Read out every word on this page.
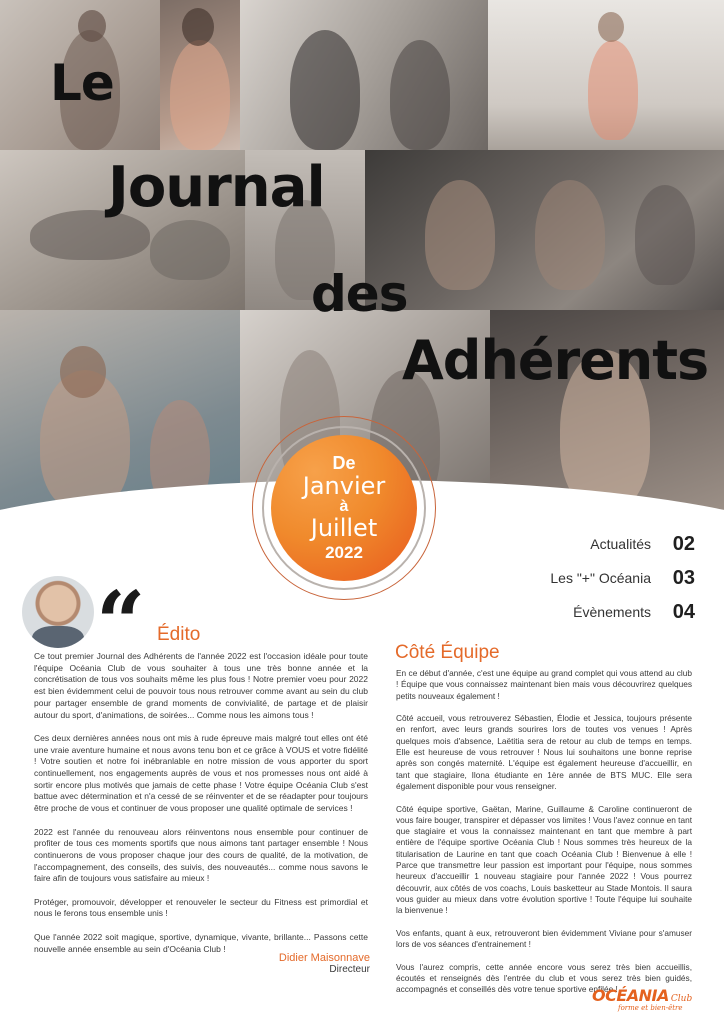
Le
Journal
des
Adhérents
De
Janvier
à
Juillet
2022	Actualités 02
Les "+" Océania 03
Évènements 04
“ Édito

Ce tout premier Journal des Adhérents de l'année 2022 est l'occasion idéale pour toute l'équipe Océania Club de vous souhaiter à tous une très bonne année et la concrétisation de tous vos souhaits même les plus fous ! Notre premier voeu pour 2022 est bien évidemment celui de pouvoir tous nous retrouver comme avant au sein du club pour partager ensemble de grand moments de convivialité, de partage et de plaisir autour du sport, d'animations, de soirées... Comme nous les aimons tous !

Ces deux dernières années nous ont mis à rude épreuve mais malgré tout elles ont été une vraie aventure humaine et nous avons tenu bon et ce grâce à VOUS et votre fidélité ! Votre soutien et notre foi inébranlable en notre mission de vous apporter du sport continuellement, nos engagements auprès de vous et nos promesses nous ont aidé à sortir encore plus motivés que jamais de cette phase ! Votre équipe Océania Club s'est battue avec détermination et n'a cessé de se réinventer et de se réadapter pour toujours être proche de vous et continuer de vous proposer une qualité optimale de services !

2022 est l'année du renouveau alors réinventons nous ensemble pour continuer de profiter de tous ces moments sportifs que nous aimons tant partager ensemble ! Nous continuerons de vous proposer chaque jour des cours de qualité, de la motivation, de l'accompagnement, des conseils, des suivis, des nouveautés... comme nous savons le faire afin de toujours vous satisfaire au mieux !

Protéger, promouvoir, développer et renouveler le secteur du Fitness est primordial et nous le ferons tous ensemble unis !

Que l'année 2022 soit magique, sportive, dynamique, vivante, brillante... Passons cette nouvelle année ensemble au sein d'Océania Club !

Didier Maisonnave
Directeur
Côté Équipe

En ce début d'année, c'est une équipe au grand complet qui vous attend au club ! Équipe que vous connaissez maintenant bien mais vous découvrirez quelques petits nouveaux également !

Côté accueil, vous retrouverez Sébastien, Élodie et Jessica, toujours présente en renfort, avec leurs grands sourires lors de toutes vos venues ! Après quelques mois d'absence, Laëtitia sera de retour au club de temps en temps. Elle est heureuse de vous retrouver ! Nous lui souhaitons une bonne reprise après son congés maternité. L'équipe est également heureuse d'accueillir, en tant que stagiaire, Ilona étudiante en 1ère année de BTS MUC. Elle sera également disponible pour vous renseigner.

Côté équipe sportive, Gaëtan, Marine, Guillaume & Caroline continueront de vous faire bouger, transpirer et dépasser vos limites ! Vous l'avez connue en tant que stagiaire et vous la connaissez maintenant en tant que membre à part entière de l'équipe sportive Océania Club ! Nous sommes très heureux de la titularisation de Laurine en tant que coach Océania Club ! Bienvenue à elle ! Parce que transmettre leur passion est important pour l'équipe, nous sommes heureux d'accueillir 1 nouveau stagiaire pour l'année 2022 ! Vous pourrez découvrir, aux côtés de vos coachs, Louis basketteur au Stade Montois. Il saura vous guider au mieux dans votre évolution sportive ! Toute l'équipe lui souhaite la bienvenue !

Vos enfants, quant à eux, retrouveront bien évidemment Viviane pour s'amuser lors de vos séances d'entrainement !

Vous l'aurez compris, cette année encore vous serez très bien accueillis, écoutés et renseignés dès l'entrée du club et vous serez très bien guidés, accompagnés et conseillés dès votre tenue sportive enfilée !

OCÉANIA Club
forme et bien-être
